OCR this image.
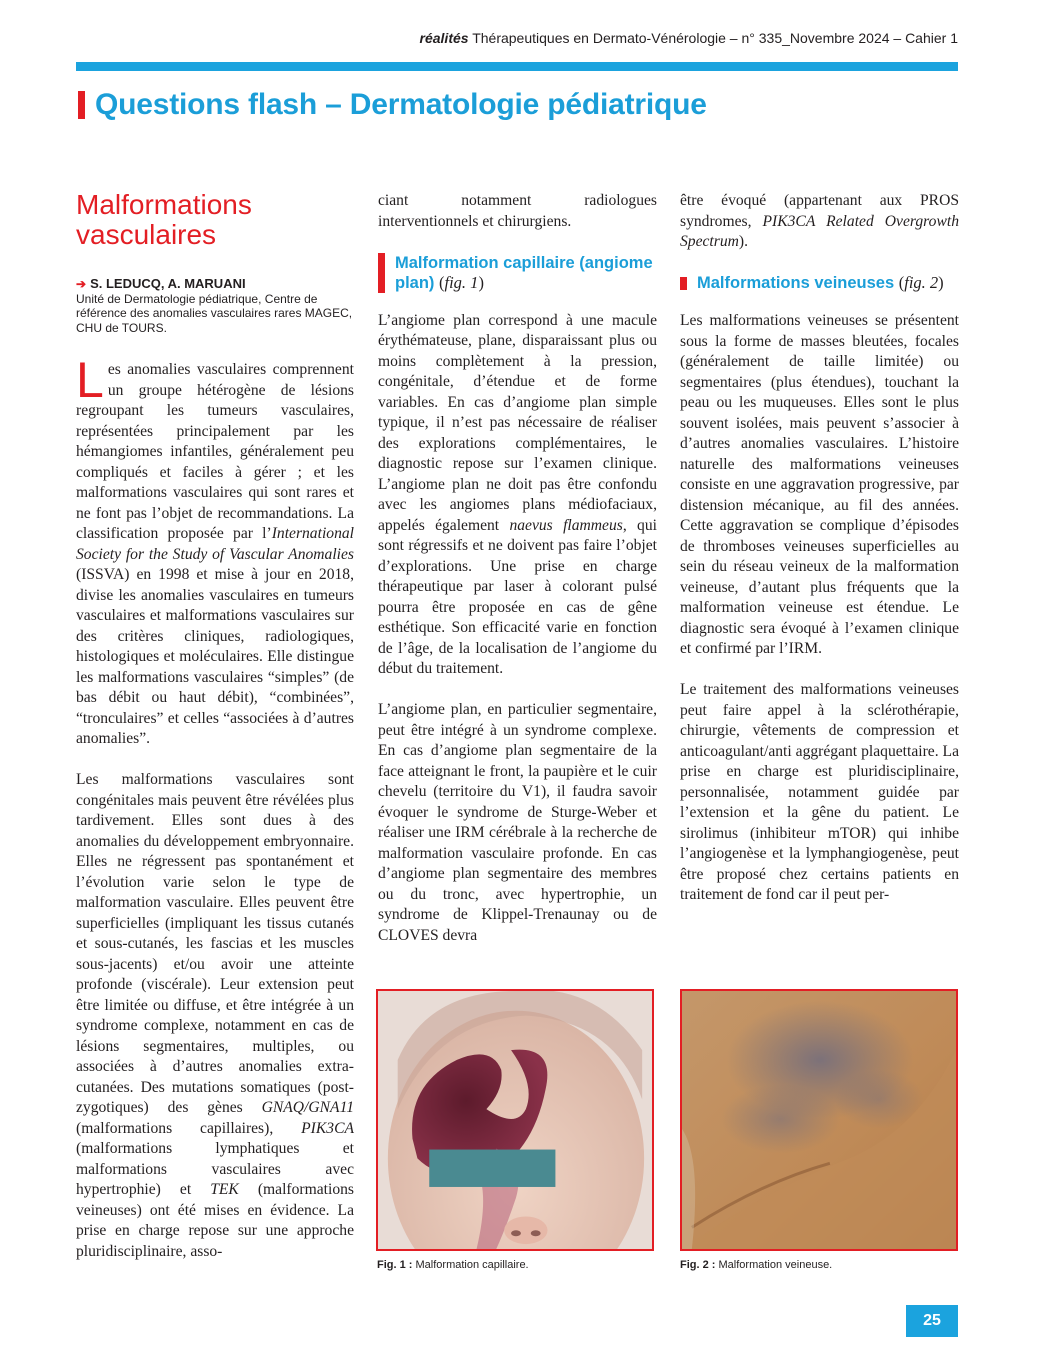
réalités Thérapeutiques en Dermato-Vénérologie – n° 335_Novembre 2024 – Cahier 1
Questions flash – Dermatologie pédiatrique
Malformations vasculaires
➔ S. LEDUCQ, A. MARUANI
Unité de Dermatologie pédiatrique, Centre de référence des anomalies vasculaires rares MAGEC, CHU de TOURS.

Les anomalies vasculaires comprennent un groupe hétérogène de lésions regroupant les tumeurs vasculaires, représentées principalement par les hémangiomes infantiles, généralement peu compliqués et faciles à gérer ; et les malformations vasculaires qui sont rares et ne font pas l’objet de recommandations. La classification proposée par l’International Society for the Study of Vascular Anomalies (ISSVA) en 1998 et mise à jour en 2018, divise les anomalies vasculaires en tumeurs vasculaires et malformations vasculaires sur des critères cliniques, radiologiques, histologiques et moléculaires. Elle distingue les malformations vasculaires “simples” (de bas débit ou haut débit), “combinées”, “tronculaires” et celles “associées à d’autres anomalies”.

Les malformations vasculaires sont congénitales mais peuvent être révélées plus tardivement. Elles sont dues à des anomalies du développement embryonnaire. Elles ne régressent pas spontanément et l’évolution varie selon le type de malformation vasculaire. Elles peuvent être superficielles (impliquant les tissus cutanés et sous-cutanés, les fascias et les muscles sous-jacents) et/ou avoir une atteinte profonde (viscérale). Leur extension peut être limitée ou diffuse, et être intégrée à un syndrome complexe, notamment en cas de lésions segmentaires, multiples, ou associées à d’autres anomalies extra-cutanées. Des mutations somatiques (post-zygotiques) des gènes GNAQ/GNA11 (malformations capillaires), PIK3CA (malformations lymphatiques et malformations vasculaires avec hypertrophie) et TEK (malformations veineuses) ont été mises en évidence. La prise en charge repose sur une approche pluridisciplinaire, asso-

ciant notamment radiologues interventionnels et chirurgiens.

Malformation capillaire (angiome plan) (fig. 1)

L’angiome plan correspond à une macule érythémateuse, plane, disparaissant plus ou moins complètement à la pression, congénitale, d’étendue et de forme variables. En cas d’angiome plan simple typique, il n’est pas nécessaire de réaliser des explorations complémentaires, le diagnostic repose sur l’examen clinique. L’angiome plan ne doit pas être confondu avec les angiomes plans médiofaciaux, appelés également naevus flammeus, qui sont régressifs et ne doivent pas faire l’objet d’explorations. Une prise en charge thérapeutique par laser à colorant pulsé pourra être proposée en cas de gêne esthétique. Son efficacité varie en fonction de l’âge, de la localisation de l’angiome du début du traitement.

L’angiome plan, en particulier segmentaire, peut être intégré à un syndrome complexe. En cas d’angiome plan segmentaire de la face atteignant le front, la paupière et le cuir chevelu (territoire du V1), il faudra savoir évoquer le syndrome de Sturge-Weber et réaliser une IRM cérébrale à la recherche de malformation vasculaire profonde. En cas d’angiome plan segmentaire des membres ou du tronc, avec hypertrophie, un syndrome de Klippel-Trenaunay ou de CLOVES devra

être évoqué (appartenant aux PROS syndromes, PIK3CA Related Overgrowth Spectrum).

Malformations veineuses (fig. 2)

Les malformations veineuses se présentent sous la forme de masses bleutées, focales (généralement de taille limitée) ou segmentaires (plus étendues), touchant la peau ou les muqueuses. Elles sont le plus souvent isolées, mais peuvent s’associer à d’autres anomalies vasculaires. L’histoire naturelle des malformations veineuses consiste en une aggravation progressive, par distension mécanique, au fil des années. Cette aggravation se complique d’épisodes de thromboses veineuses superficielles au sein du réseau veineux de la malformation veineuse, d’autant plus fréquents que la malformation veineuse est étendue. Le diagnostic sera évoqué à l’examen clinique et confirmé par l’IRM.

Le traitement des malformations veineuses peut faire appel à la sclérothérapie, chirurgie, vêtements de compression et anticoagulant/anti aggrégant plaquettaire. La prise en charge est pluridisciplinaire, personnalisée, notamment guidée par l’extension et la gêne du patient. Le sirolimus (inhibiteur mTOR) qui inhibe l’angiogenèse et la lymphangiogenèse, peut être proposé chez certains patients en traitement de fond car il peut per-

Fig. 1 : Malformation capillaire.	Fig. 2 : Malformation veineuse.
25
